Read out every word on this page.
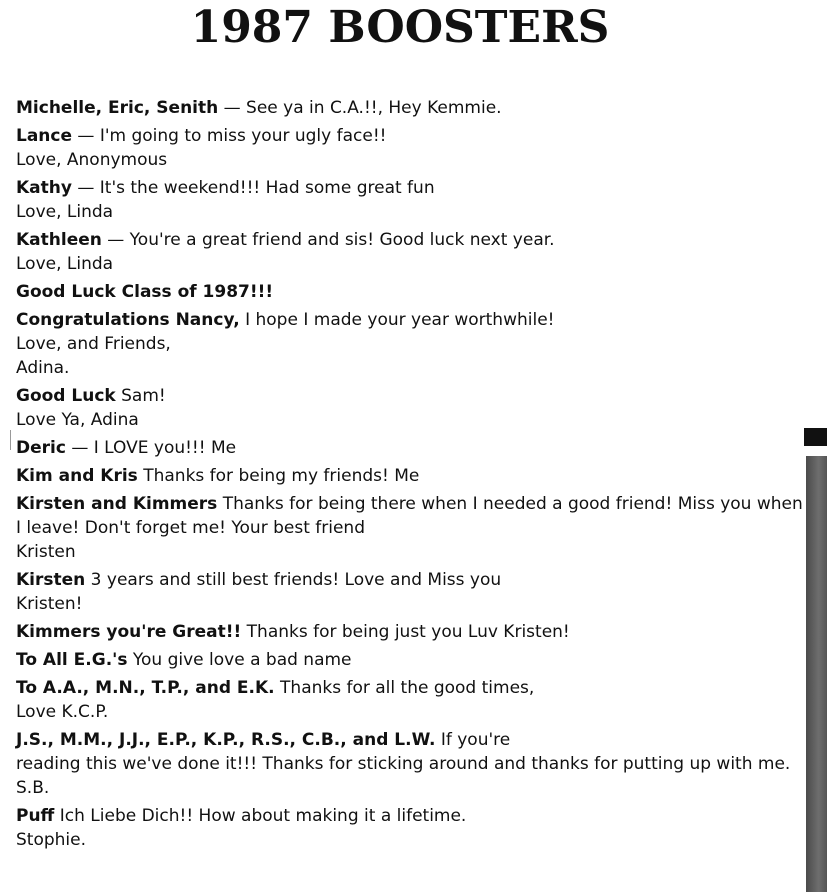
1987 BOOSTERS
Michelle, Eric, Senith — See ya in C.A.!!, Hey Kemmie.
Lance — I'm going to miss your ugly face!!
Love, Anonymous
Kathy — It's the weekend!!! Had some great fun
Love, Linda
Kathleen — You're a great friend and sis! Good luck next year.
Love, Linda
Good Luck Class of 1987!!!
Congratulations Nancy, I hope I made your year worthwhile!
Love, and Friends,
Adina.
Good Luck Sam!
Love Ya, Adina
Deric — I LOVE you!!! Me
Kim and Kris Thanks for being my friends! Me
Kirsten and Kimmers Thanks for being there when I needed a good friend! Miss you when
I leave! Don't forget me! Your best friend
Kristen
Kirsten 3 years and still best friends! Love and Miss you
Kristen!
Kimmers you're Great!! Thanks for being just you Luv Kristen!
To All E.G.'s You give love a bad name
To A.A., M.N., T.P., and E.K. Thanks for all the good times,
Love K.C.P.
J.S., M.M., J.J., E.P., K.P., R.S., C.B., and L.W. If you're
reading this we've done it!!! Thanks for sticking around and thanks for putting up with me.
S.B.
Puff Ich Liebe Dich!! How about making it a lifetime.
Stophie.
